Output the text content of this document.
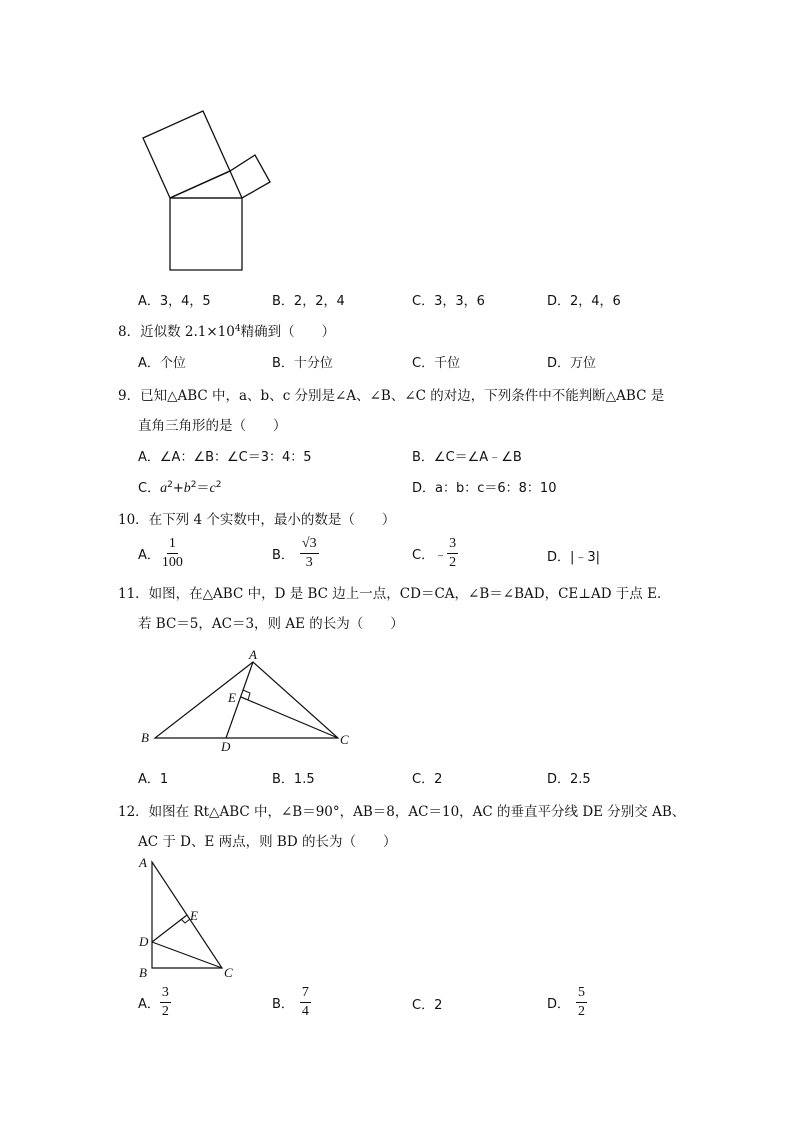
A．3，4，5	B．2，2，4	C．3，3，6	D．2，4，6
8．近似数 $2.1\times 10^4$精确到（　　）
A．个位	B．十分位	C．千位	D．万位
9．已知△ABC 中，a、b、c 分别是∠A、∠B、∠C 的对边，下列条件中不能判断△ABC 是
直角三角形的是（　　）
A．∠A：∠B：∠C＝3：4：5	B．∠C＝∠A﹣∠B
C．$a^2+b^2=c^2$	D．a：b：c＝6：8：10
10．在下列 4 个实数中，最小的数是（　　）
A． $\frac{1}{100}$	B． $\frac{√3}{3}$	C． ﹣ $\frac{3}{2}$	D．|﹣3|
11．如图，在△ABC 中，D 是 BC 边上一点，CD＝CA，∠B＝∠BAD，CE⊥AD 于点 E．
若 BC＝5，AC＝3，则 AE 的长为（　　）
A
B	C
D
E
A．1	B．1.5	C．2	D．2.5
12．如图在 Rt△ABC 中，∠B＝90°，AB＝8，AC＝10，AC 的垂直平分线 DE 分别交 AB、
AC 于 D、E 两点，则 BD 的长为（　　）
A
B	C
D
E
A． $\frac{3}{2}$	B． $\frac{7}{4}$	C．2	D． $\frac{5}{2}$
